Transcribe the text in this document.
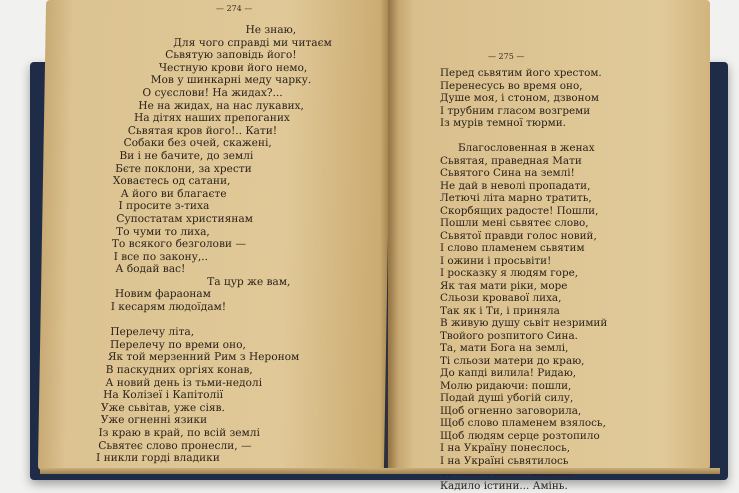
— 274 —
Не знаю,
Для чого справді ми читаєм
Сьвятую заповідь його!
Честную крови його немо,
Мов у шинкарні меду чарку.
О суєслови! На жидах?...
Не на жидах, на нас лукавих,
На дітях наших препоганих
Сьвятая кров його!.. Кати!
Собаки без очей, скажені,
Ви і не бачите, до землі
Бєте поклони, за хрести
Ховаєтесь од сатани,
А його ви благаєте
І просите з-тиха
Супостатам християнам
То чуми то лиха,
То всякого безголови —
І все по закону,..
А бодай вас!
Та цур же вам,
Новим фараонам
І кесарям людоїдам!
Перелечу літа,
Перелечу по времи оно,
Як той мерзенний Рим з Нероном
В паскудних оргіях конав,
А новий день із тьми-недолі
На Колізеї і Капітолії
Уже сьвітав, уже сіяв.
Уже огненні язики
Із краю в край, по всій землі
Сьвятеє слово пронесли, —
І никли горді владики
— 275 —
Перед сьвятим його хрестом.
Перенесусь во время оно,
Душе моя, і стоном, дзвоном
І трубним гласом возгреми
Із мурів темної тюрми.
Благословенная в женах
Сьвятая, праведная Мати
Сьвятого Сина на землі!
Не дай в неволі пропадати,
Летючі літа марно тратить,
Скорбящих радосте! Пошли,
Пошли мені сьвятеє слово,
Сьвятої правди голос новий,
І слово пламенем сьвятим
І ожини і просьвіти!
І росказку я людям горе,
Як тая мати ріки, море
Сльози кровавої лиха,
Так як і Ти, і приняла
В живую душу сьвіт незримий
Твойого розпитого Сина.
Та, мати Бога на землі,
Ті сльози матери до краю,
До капді вилила! Ридаю,
Молю ридаючи: пошли,
Подай душі убогій силу,
Щоб огненно заговорила,
Щоб слово пламенем взялось,
Щоб людям серце розтопило
І на Україну понеслось,
І на Україні сьвятилось
Кадило істини... Амінь.
